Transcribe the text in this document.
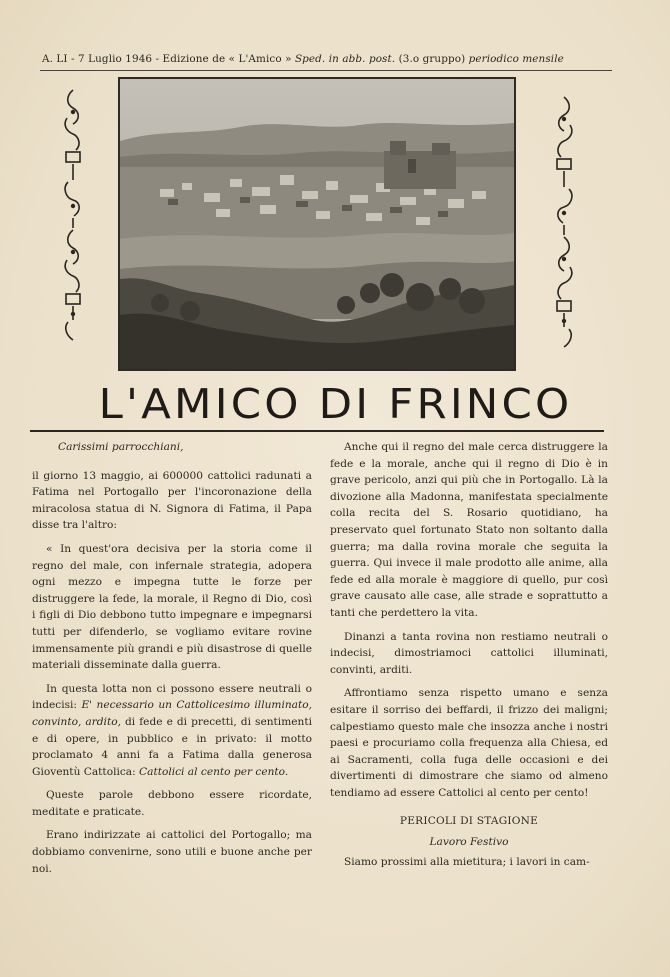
A. LI - 7 Luglio 1946 - Edizione de « L'Amico » Sped. in abb. post. (3.o gruppo) periodico mensile
L'AMICO DI FRINCO

Carissimi parrocchiani,

il giorno 13 maggio, ai 600000 cattolici radunati a Fatima nel Portogallo per l'incoronazione della miracolosa statua di N. Signora di Fatima, il Papa disse tra l'altro:

« In quest'ora decisiva per la storia come il regno del male, con infernale strategia, adopera ogni mezzo e impegna tutte le forze per distruggere la fede, la morale, il Regno di Dio, così i figli di Dio debbono tutto impegnare e impegnarsi tutti per difenderlo, se vogliamo evitare rovine immensamente più grandi e più disastrose di quelle materiali disseminate dalla guerra.

In questa lotta non ci possono essere neutrali o indecisi: E' necessario un Cattolicesimo illuminato, convinto, ardito, di fede e di precetti, di sentimenti e di opere, in pubblico e in privato: il motto proclamato 4 anni fa a Fatima dalla generosa Gioventù Cattolica: Cattolici al cento per cento.

Queste parole debbono essere ricordate, meditate e praticate.

Erano indirizzate ai cattolici del Portogallo; ma dobbiamo convenirne, sono utili e buone anche per noi.

Anche qui il regno del male cerca distruggere la fede e la morale, anche qui il regno di Dio è in grave pericolo, anzi qui più che in Portogallo. Là la divozione alla Madonna, manifestata specialmente colla recita del S. Rosario quotidiano, ha preservato quel fortunato Stato non soltanto dalla guerra; ma dalla rovina morale che seguita la guerra. Qui invece il male prodotto alle anime, alla fede ed alla morale è maggiore di quello, pur così grave causato alle case, alle strade e soprattutto a tanti che perdettero la vita.

Dinanzi a tanta rovina non restiamo neutrali o indecisi, dimostriamoci cattolici illuminati, convinti, arditi.

Affrontiamo senza rispetto umano e senza esitare il sorriso dei beffardi, il frizzo dei maligni; calpestiamo questo male che insozza anche i nostri paesi e procuriamo colla frequenza alla Chiesa, ed ai Sacramenti, colla fuga delle occasioni e dei divertimenti di dimostrare che siamo od almeno tendiamo ad essere Cattolici al cento per cento!

PERICOLI DI STAGIONE

Lavoro Festivo

Siamo prossimi alla mietitura; i lavori in cam-
